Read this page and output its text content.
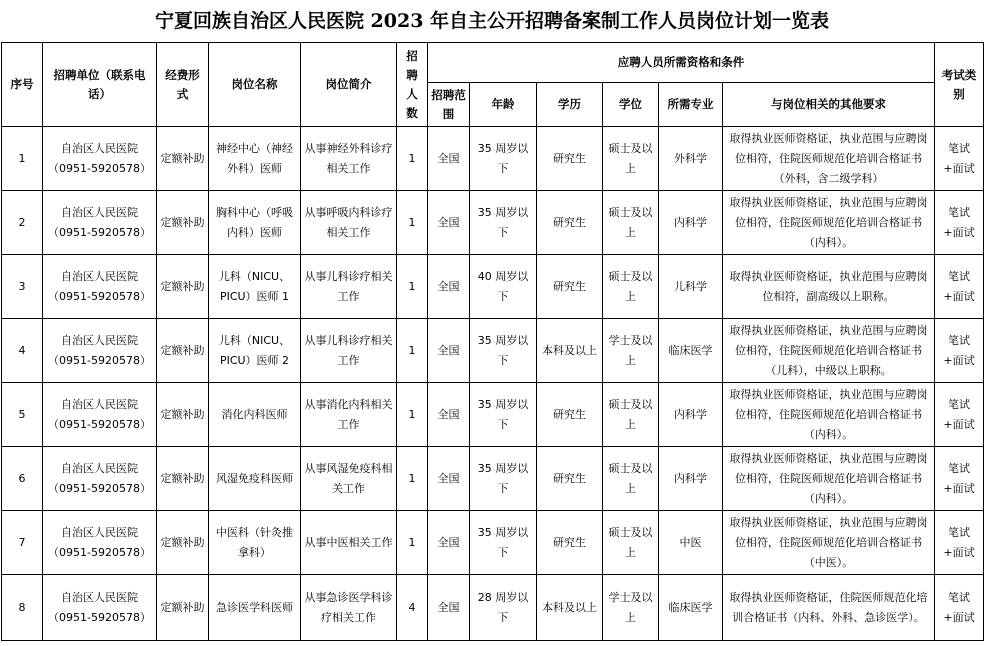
宁夏回族自治区人民医院 2023 年自主公开招聘备案制工作人员岗位计划一览表
序号	招聘单位（联系电话）	经费形式	岗位名称	岗位简介	招聘人数	应聘人员所需资格和条件						考试类别
						招聘范围	年龄	学历	学位	所需专业	与岗位相关的其他要求	
1	自治区人民医院
（0951-5920578）	定额补助	神经中心（神经外科）医师	从事神经外科诊疗相关工作	1	全国	35 周岁以下	研究生	硕士及以上	外科学	取得执业医师资格证，执业范围与应聘岗位相符，住院医师规范化培训合格证书（外科，含二级学科）	笔试+面试
2	自治区人民医院
（0951-5920578）	定额补助	胸科中心（呼吸内科）医师	从事呼吸内科诊疗相关工作	1	全国	35 周岁以下	研究生	硕士及以上	内科学	取得执业医师资格证，执业范围与应聘岗位相符，住院医师规范化培训合格证书（内科）。	笔试+面试
3	自治区人民医院
（0951-5920578）	定额补助	儿科（NICU、PICU）医师 1	从事儿科诊疗相关工作	1	全国	40 周岁以下	研究生	硕士及以上	儿科学	取得执业医师资格证，执业范围与应聘岗位相符，副高级以上职称。	笔试+面试
4	自治区人民医院
（0951-5920578）	定额补助	儿科（NICU、PICU）医师 2	从事儿科诊疗相关工作	1	全国	35 周岁以下	本科及以上	学士及以上	临床医学	取得执业医师资格证，执业范围与应聘岗位相符，住院医师规范化培训合格证书（儿科），中级以上职称。	笔试+面试
5	自治区人民医院
（0951-5920578）	定额补助	消化内科医师	从事消化内科相关工作	1	全国	35 周岁以下	研究生	硕士及以上	内科学	取得执业医师资格证，执业范围与应聘岗位相符，住院医师规范化培训合格证书（内科）。	笔试+面试
6	自治区人民医院
（0951-5920578）	定额补助	风湿免疫科医师	从事风湿免疫科相关工作	1	全国	35 周岁以下	研究生	硕士及以上	内科学	取得执业医师资格证，执业范围与应聘岗位相符，住院医师规范化培训合格证书（内科）。	笔试+面试
7	自治区人民医院
（0951-5920578）	定额补助	中医科（针灸推拿科）	从事中医相关工作	1	全国	35 周岁以下	研究生	硕士及以上	中医	取得执业医师资格证，执业范围与应聘岗位相符，住院医师规范化培训合格证书（中医）。	笔试+面试
8	自治区人民医院
（0951-5920578）	定额补助	急诊医学科医师	从事急诊医学科诊疗相关工作	4	全国	28 周岁以下	本科及以上	学士及以上	临床医学	取得执业医师资格证，住院医师规范化培训合格证书（内科、外科、急诊医学）。	笔试+面试
